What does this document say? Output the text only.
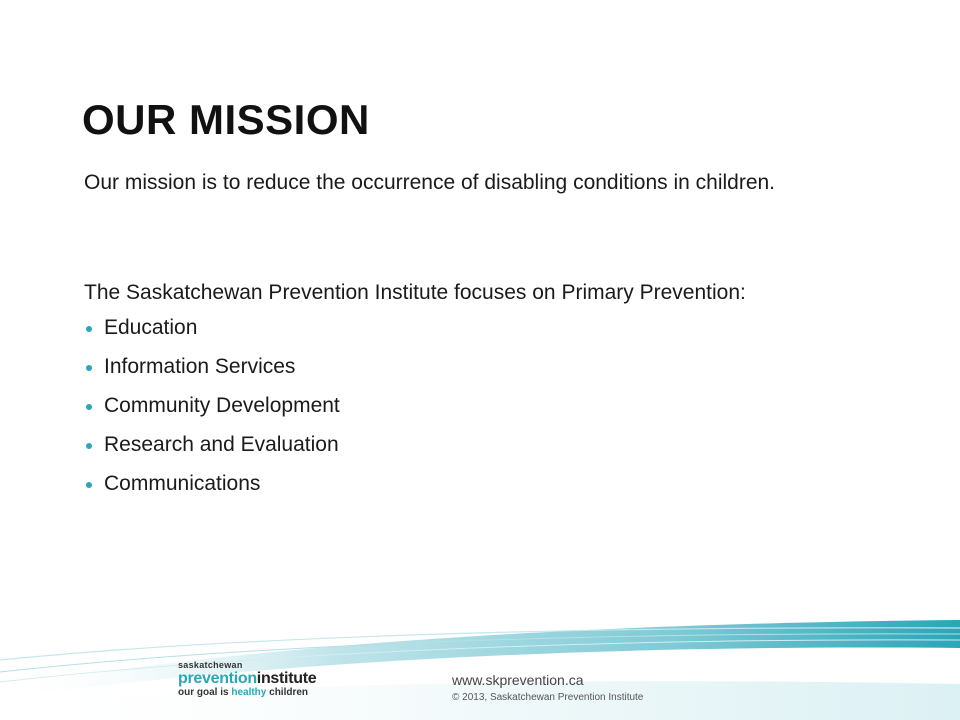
OUR MISSION

Our mission is to reduce the occurrence of disabling conditions in children.

The Saskatchewan Prevention Institute focuses on Primary Prevention:

Education
Information Services
Community Development
Research and Evaluation
Communications
saskatchewan
preventioninstitute
our goal is healthy children

www.skprevention.ca

© 2013, Saskatchewan Prevention Institute
